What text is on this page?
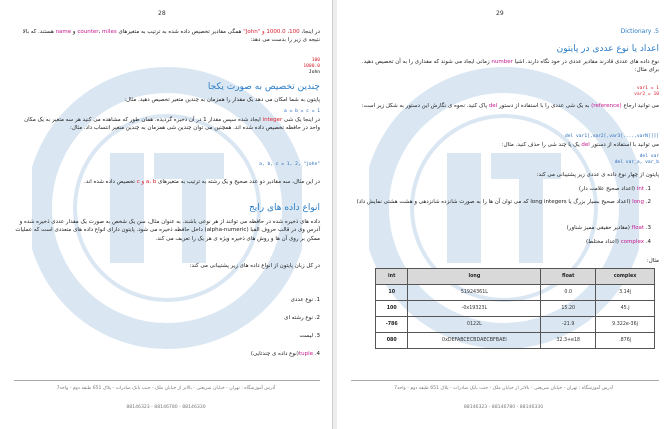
28
در اینجا، 100، 1000.0 و "John" همگی مقادیر تخصیص داده شده به ترتیب به متغیرهای counter، miles و name هستند. که بالا نتیجه ی زیر را بدست می دهد:
100
1000.0
John
چندین تخصیص به صورت یکجا
پایتون به شما امکان می دهد یک مقدار را همزمان به چندین متغیر تخصیص دهید. مثال:
a = b = c = 1
در اینجا یک شی integer ایجاد شده سپس مقدار 1 در آن ذخیره گردیده. همان طور که مشاهده می کنید هر سه متغیر به یک مکان واحد در حافظه تخصیص داده شده اند. همچنین می توان چندین شی همزمان به چندین متغیر انتساب داد. مثال:
a, b, c = 1, 2, "john"
در این مثال، سه مقادیر دو عدد صحیح و یک رشته به ترتیب به متغیرهای a، b و c تخصیص داده شده اند.
انواع داده های رایج
داده های ذخیره شده در حافظه می توانند از هر نوعی باشند. به عنوان مثال، سن یک شخص به صورت یک مقدار عددی ذخیره شده و آدرس وی در قالب حروف الفبا (alpha-numeric) داخل حافظه ذخیره می شود. پایتون دارای انواع داده های متعددی است که عملیات ممکن بر روی آن ها و روش های ذخیره ویژه ی هر یک را تعریف می کند.
در کل زبان پایتون از انواع داده های زیر پشتیبانی می کند:
1. نوع عددی
2. نوع رشته ای
3. لیست
4. tuple(نوع داده ی چندتایی)
آدرس آموزشگاه : تهران - خیابان شریعتی - بالاتر از خیابان ملک - جنب بانک صادرات - پلاک 651 طبقه دوم - واحد7
88146323 - 88146780 - 88146330
29
Dictionary .5
اعداد یا نوع عددی در پایتون
نوع داده های عددی قادرند مقادیر عددی در خود نگاه دارند. اشیا number زمانی ایجاد می شوند که مقداری را به آن تخصیص دهید. برای مثال:
var1 = 1
var2 = 10
می توانید ارجاع (reference) به یک شی عددی را با استفاده از دستور del پاک کنید. نحوه ی نگارش این دستور به شکل زیر است:
del var1[,var2[,var3[....,varN]]]]
می توانید با استفاده از دستور del یک یا چند شی را حذف کنید. مثال:
del var
del var_a, var_b
پایتون از چهار نوع داده ی عددی زیر پشتیبانی می کند:
1. int (اعداد صحیح علامت دار)
2. long (اعداد صحیح بسیار بزرگ یا long integers که می توان آن ها را به صورت شانزده شانزدهی و هشت هشتی نمایش داد)
3. float (مقادیر حقیقی ممیز شناور)
4. complex (اعداد مختلط)
مثال:
int	long	float	complex
10	51924361L	0.0	3.14j
100	-0x19323L	15.20	45.j
-786	0122L	-21.9	9.322e-36j
080	0xDEFABCECBDAECBFBAEl	32.3+e18	.876j
آدرس آموزشگاه : تهران - خیابان شریعتی - بالاتر از خیابان ملک - جنب بانک صادرات - پلاک 651 طبقه دوم - واحد7
88146323 - 88146780 - 88146330
